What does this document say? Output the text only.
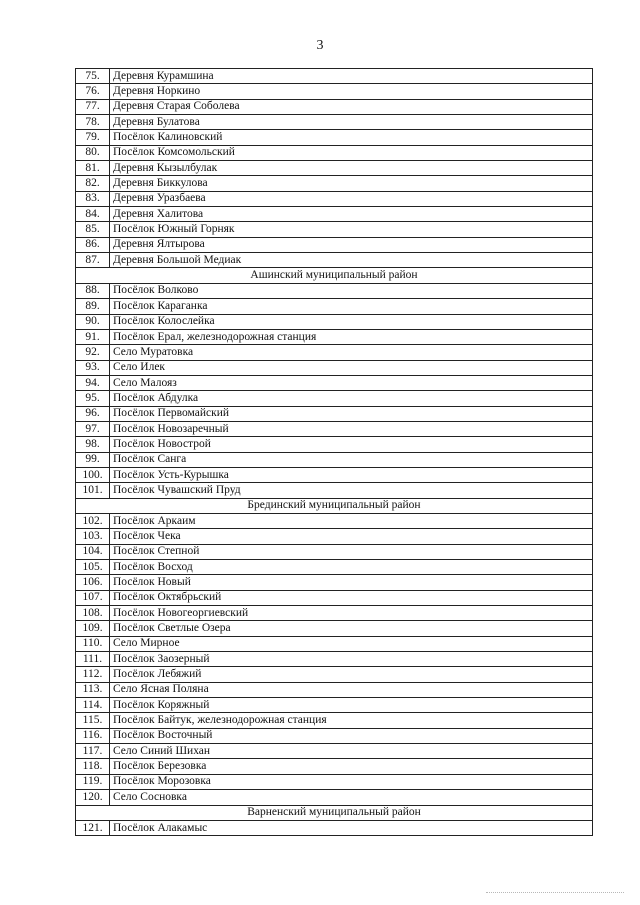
3
75.	Деревня Курамшина
76.	Деревня Норкино
77.	Деревня Старая Соболева
78.	Деревня Булатова
79.	Посёлок Калиновский
80.	Посёлок Комсомольский
81.	Деревня Кызылбулак
82.	Деревня Биккулова
83.	Деревня Уразбаева
84.	Деревня Халитова
85.	Посёлок Южный Горняк
86.	Деревня Ялтырова
87.	Деревня Большой Медиак
Ашинский муниципальный район	
88.	Посёлок Волково
89.	Посёлок Караганка
90.	Посёлок Колослейка
91.	Посёлок Ерал, железнодорожная станция
92.	Село Муратовка
93.	Село Илек
94.	Село Малояз
95.	Посёлок Абдулка
96.	Посёлок Первомайский
97.	Посёлок Новозаречный
98.	Посёлок Новострой
99.	Посёлок Санга
100.	Посёлок Усть-Курышка
101.	Посёлок Чувашский Пруд
Брединский муниципальный район	
102.	Посёлок Аркаим
103.	Посёлок Чека
104.	Посёлок Степной
105.	Посёлок Восход
106.	Посёлок Новый
107.	Посёлок Октябрьский
108.	Посёлок Новогеоргиевский
109.	Посёлок Светлые Озера
110.	Село Мирное
111.	Посёлок Заозерный
112.	Посёлок Лебяжий
113.	Село Ясная Поляна
114.	Посёлок Коряжный
115.	Посёлок Байтук, железнодорожная станция
116.	Посёлок Восточный
117.	Село Синий Шихан
118.	Посёлок Березовка
119.	Посёлок Морозовка
120.	Село Сосновка
Варненский муниципальный район	
121.	Посёлок Алакамыс
